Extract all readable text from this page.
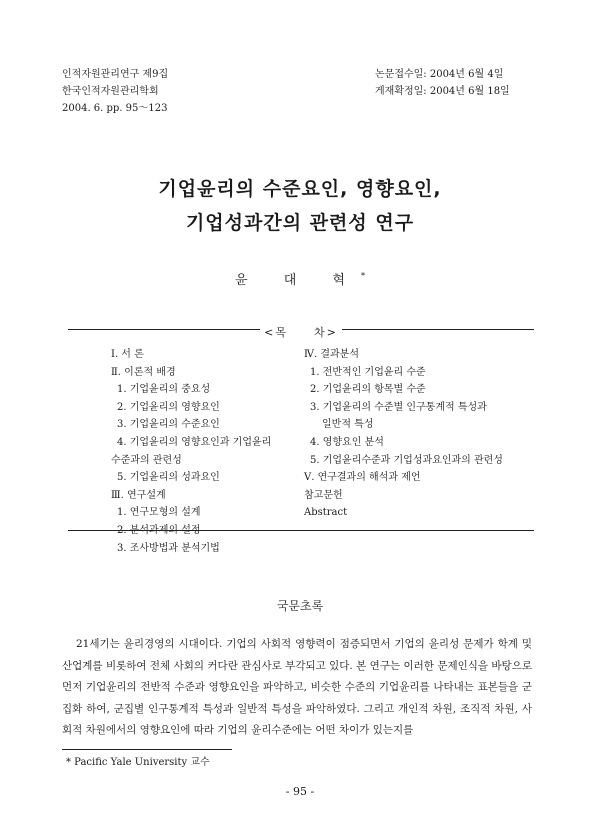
인적자원관리연구 제9집
한국인적자원관리학회
2004. 6. pp. 95～123
논문접수일: 2004년 6월 4일
게재확정일: 2004년 6월 18일
기업윤리의 수준요인, 영향요인,
기업성과간의 관련성 연구
윤 대 혁*
<목　　차>
Ⅰ. 서 론
Ⅱ. 이론적 배경
1. 기업윤리의 중요성
2. 기업윤리의 영향요인
3. 기업윤리의 수준요인
4. 기업윤리의 영향요인과 기업윤리
수준과의 관련성
5. 기업윤리의 성과요인
Ⅲ. 연구설계
1. 연구모형의 설계
2. 분석과제의 설정
3. 조사방법과 분석기법
Ⅳ. 결과분석
1. 전반적인 기업윤리 수준
2. 기업윤리의 항목별 수준
3. 기업윤리의 수준별 인구통계적 특성과
일반적 특성
4. 영향요인 분석
5. 기업윤리수준과 기업성과요인과의 관련성
Ⅴ. 연구결과의 해석과 제언
참고문헌
Abstract
국문초록

21세기는 윤리경영의 시대이다. 기업의 사회적 영향력이 점증되면서 기업의 윤리성 문제가 학계 및 산업계를 비롯하여 전체 사회의 커다란 관심사로 부각되고 있다. 본 연구는 이러한 문제인식을 바탕으로 먼저 기업윤리의 전반적 수준과 영향요인을 파악하고, 비슷한 수준의 기업윤리를 나타내는 표본들을 군집화 하여, 군집별 인구통계적 특성과 일반적 특성을 파악하였다. 그리고 개인적 차원, 조직적 차원, 사회적 차원에서의 영향요인에 따라 기업의 윤리수준에는 어떤 차이가 있는지를

* Pacific Yale University 교수
- 95 -
